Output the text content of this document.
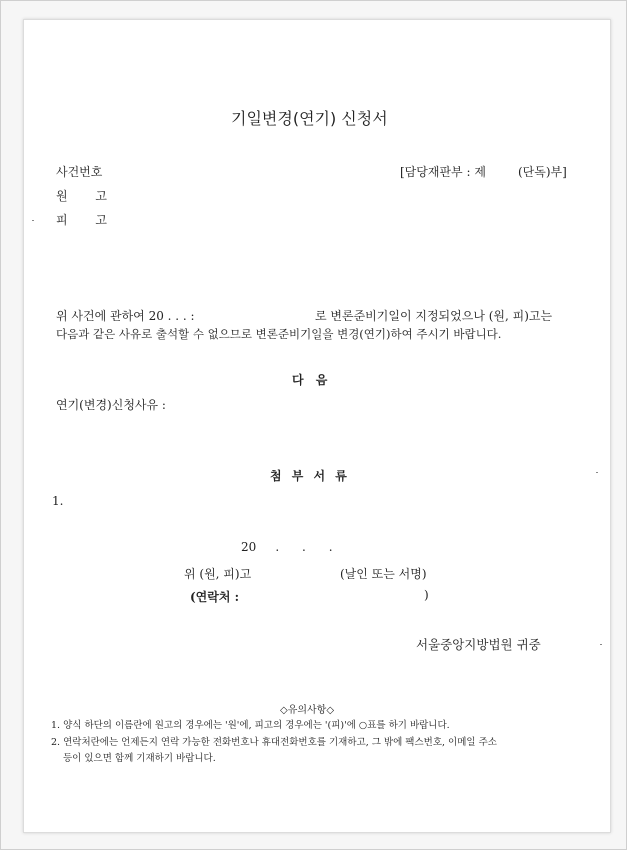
기일변경(연기) 신청서
사건번호	[담당재판부 : 제	(단독)부]
원 고
피 고
위 사건에 관하여 20 . . . :	로 변론준비기일이 지정되었으나 (원, 피)고는
다음과 같은 사유로 출석할 수 없으므로 변론준비기일을 변경(연기)하여 주시기 바랍니다.
다 음
연기(변경)신청사유 :
첨 부 서 류
1.
20     .      .      .
위 (원, 피)고	(날인 또는 서명)
(연락처 :	)
서울중앙지방법원 귀중
◇유의사항◇
1. 양식 하단의 이름란에 원고의 경우에는 '원'에, 피고의 경우에는 '(피)'에 ○표를 하기 바랍니다.
2. 연락처란에는 언제든지 연락 가능한 전화번호나 휴대전화번호를 기재하고, 그 밖에 팩스번호, 이메일 주소
등이 있으면 함께 기재하기 바랍니다.
